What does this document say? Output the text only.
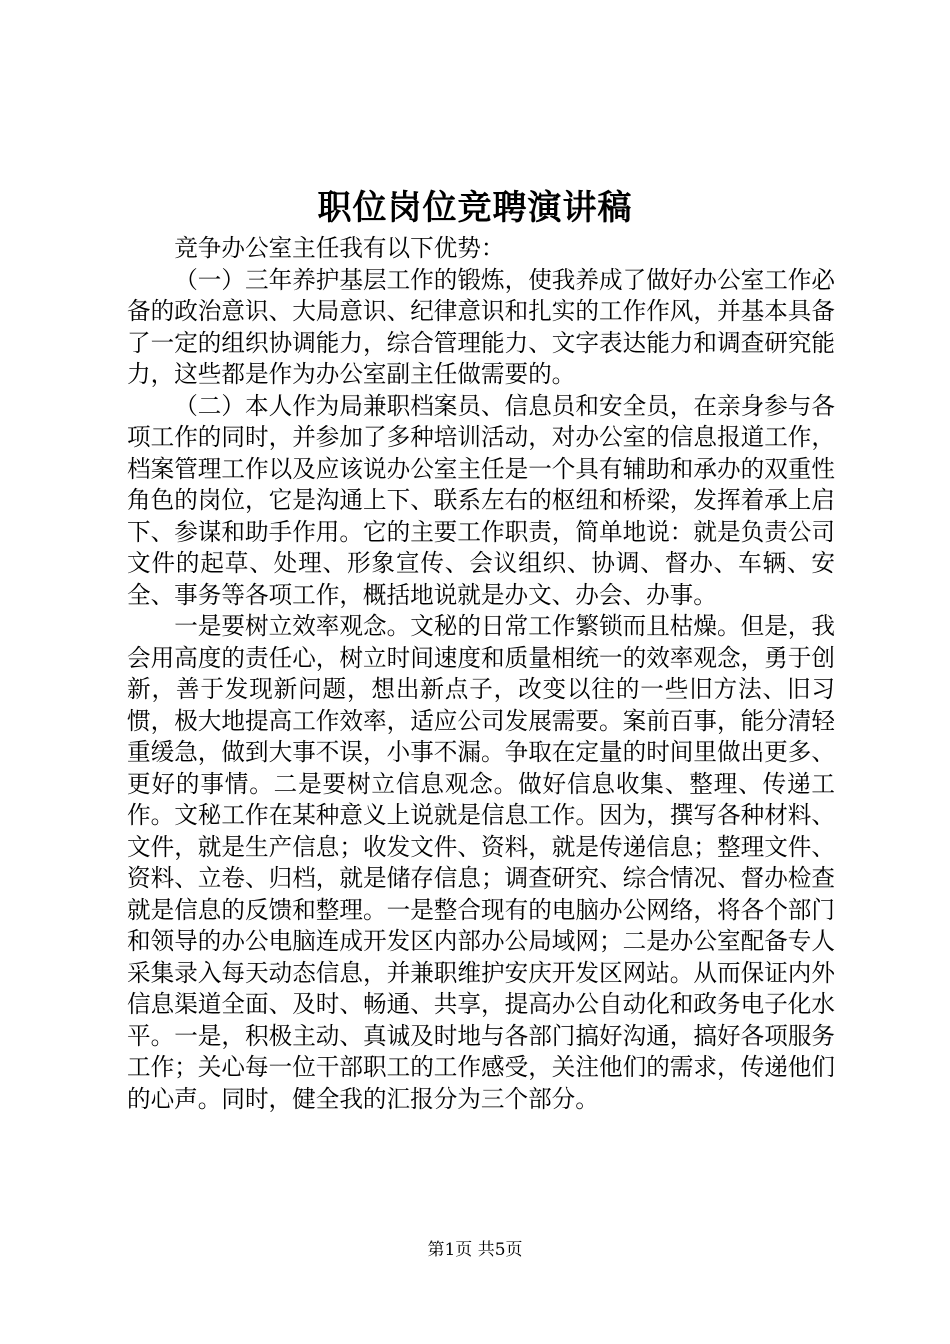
职位岗位竞聘演讲稿

竞争办公室主任我有以下优势：

（一）三年养护基层工作的锻炼，使我养成了做好办公室工作必备的政治意识、大局意识、纪律意识和扎实的工作作风，并基本具备了一定的组织协调能力，综合管理能力、文字表达能力和调查研究能力，这些都是作为办公室副主任做需要的。

（二）本人作为局兼职档案员、信息员和安全员，在亲身参与各项工作的同时，并参加了多种培训活动，对办公室的信息报道工作，档案管理工作以及应该说办公室主任是一个具有辅助和承办的双重性角色的岗位，它是沟通上下、联系左右的枢纽和桥梁，发挥着承上启下、参谋和助手作用。它的主要工作职责，简单地说：就是负责公司文件的起草、处理、形象宣传、会议组织、协调、督办、车辆、安全、事务等各项工作，概括地说就是办文、办会、办事。

一是要树立效率观念。文秘的日常工作繁锁而且枯燥。但是，我会用高度的责任心，树立时间速度和质量相统一的效率观念，勇于创新，善于发现新问题，想出新点子，改变以往的一些旧方法、旧习惯，极大地提高工作效率，适应公司发展需要。案前百事，能分清轻重缓急，做到大事不误，小事不漏。争取在定量的时间里做出更多、更好的事情。二是要树立信息观念。做好信息收集、整理、传递工作。文秘工作在某种意义上说就是信息工作。因为，撰写各种材料、文件，就是生产信息；收发文件、资料，就是传递信息；整理文件、资料、立卷、归档，就是储存信息；调查研究、综合情况、督办检查就是信息的反馈和整理。一是整合现有的电脑办公网络，将各个部门和领导的办公电脑连成开发区内部办公局域网；二是办公室配备专人采集录入每天动态信息，并兼职维护安庆开发区网站。从而保证内外信息渠道全面、及时、畅通、共享，提高办公自动化和政务电子化水平。一是，积极主动、真诚及时地与各部门搞好沟通，搞好各项服务工作；关心每一位干部职工的工作感受，关注他们的需求，传递他们的心声。同时，健全我的汇报分为三个部分。

第1页 共5页
